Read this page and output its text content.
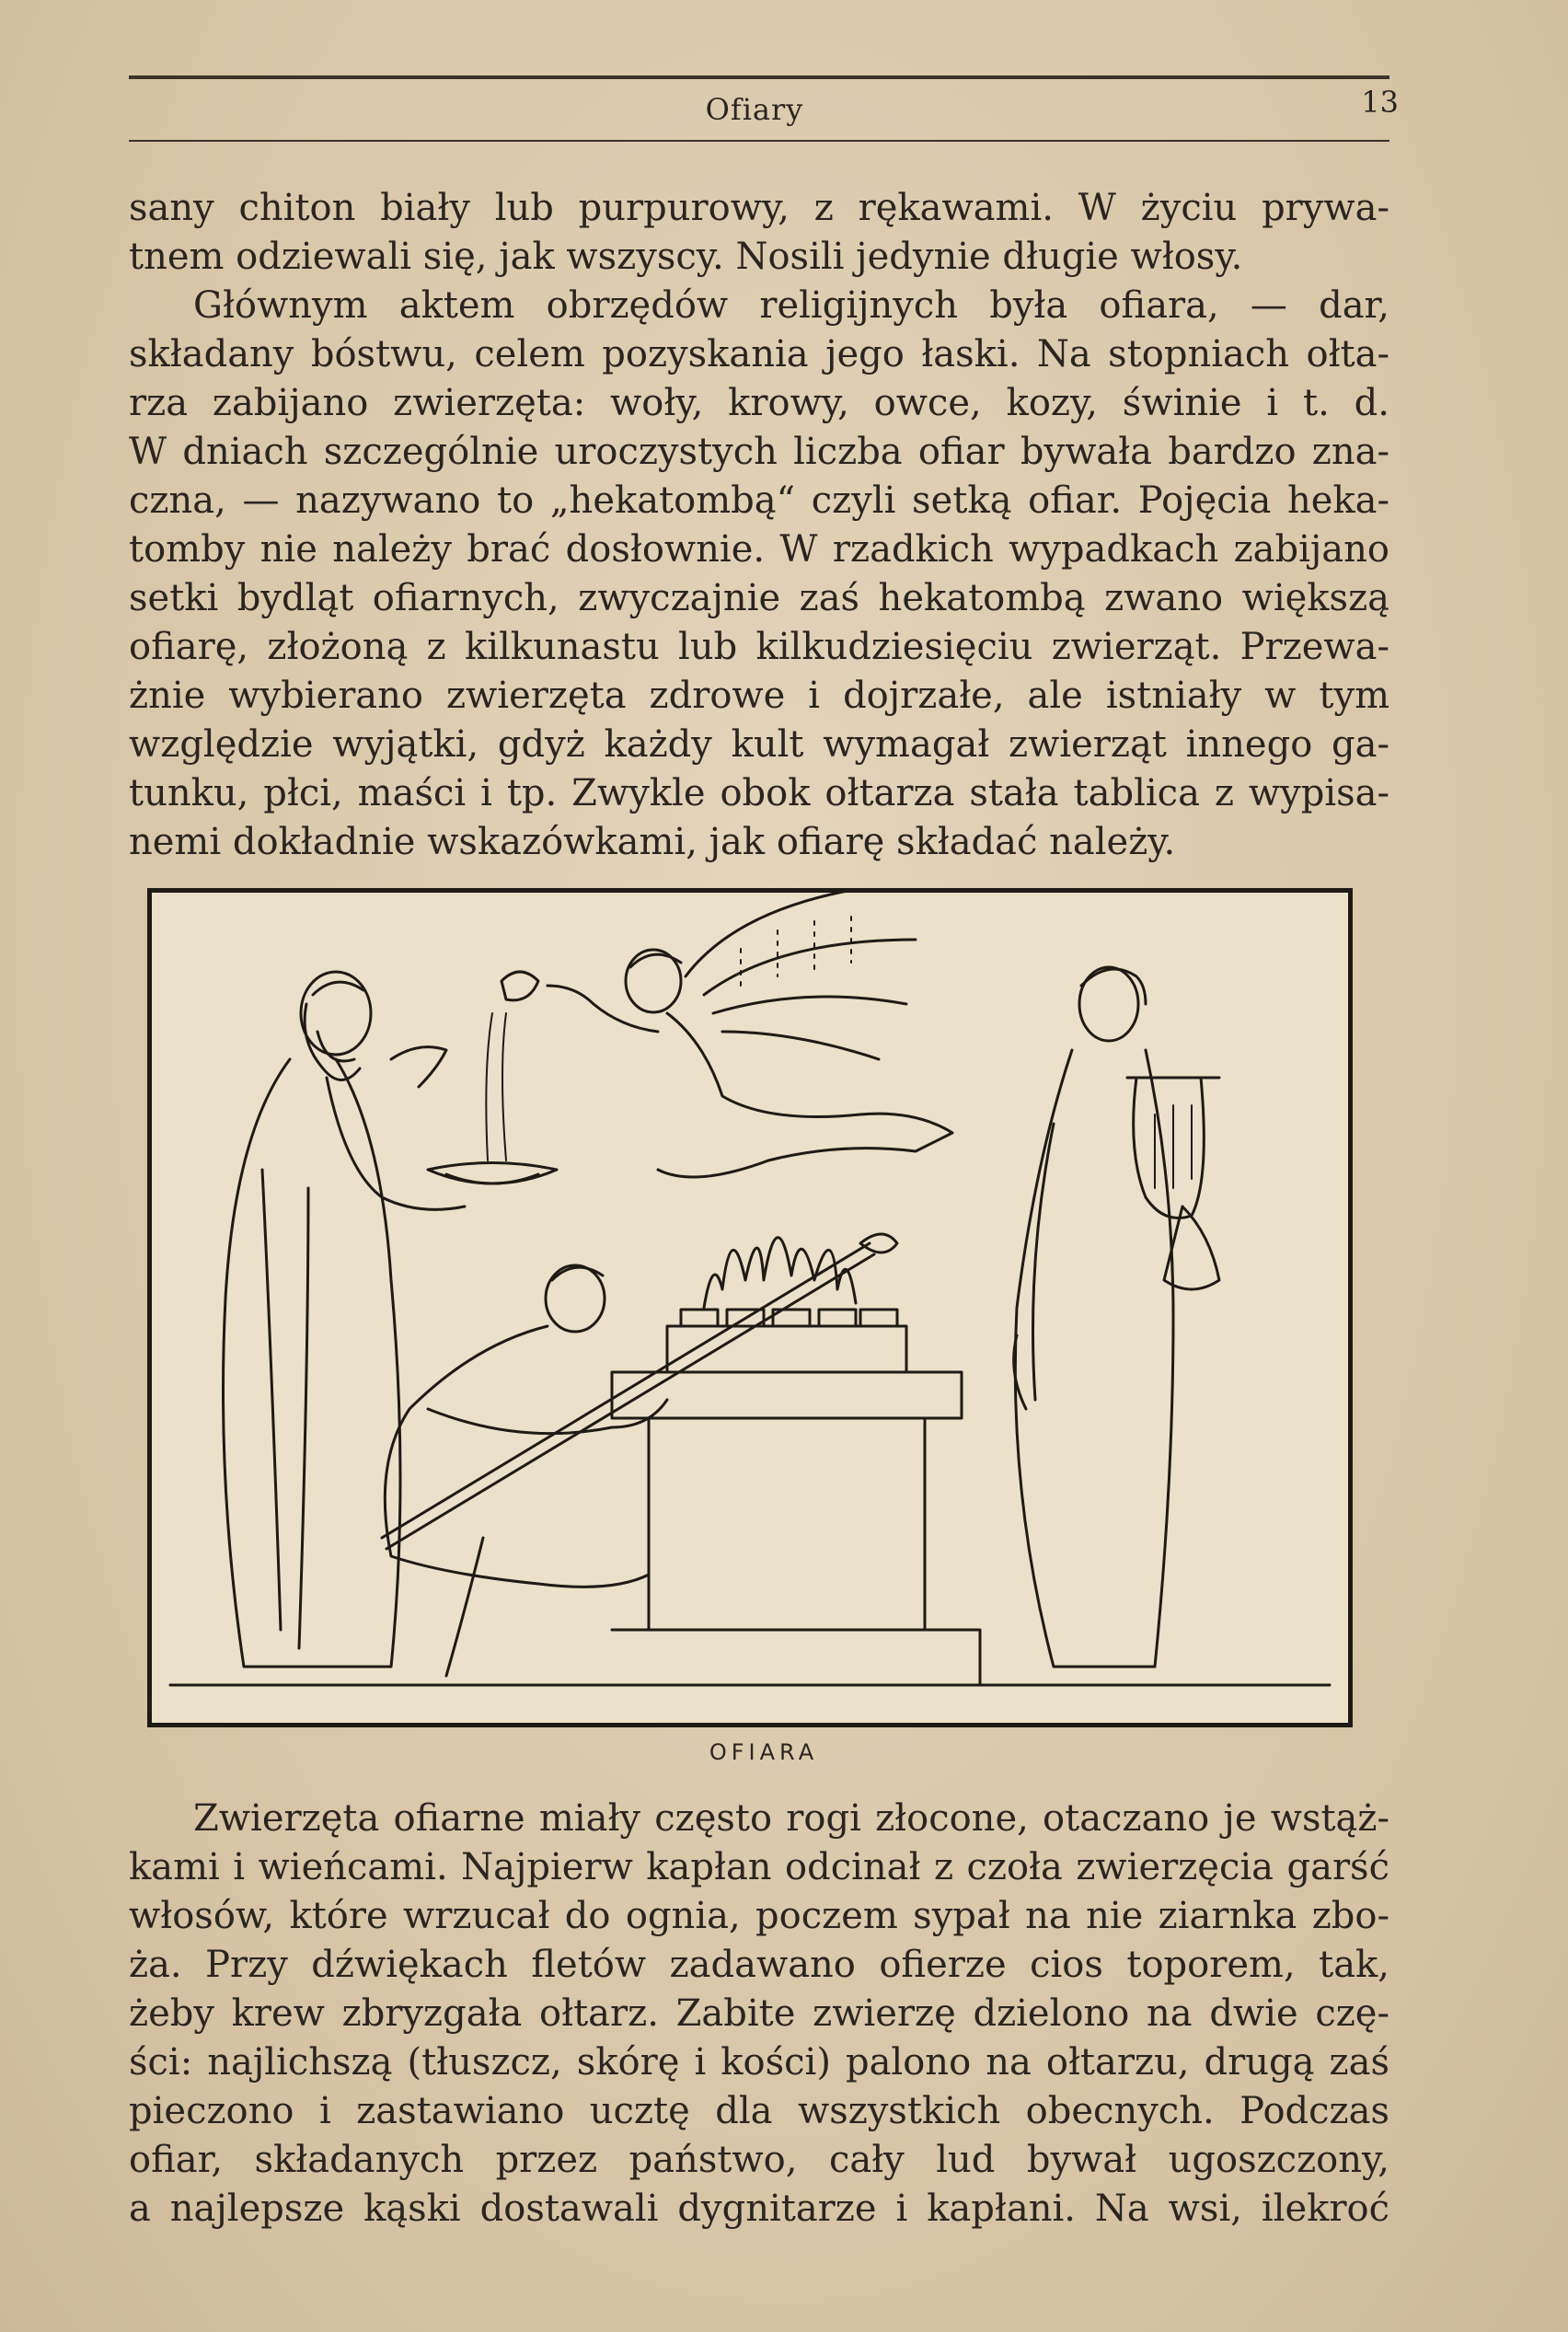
Ofiary	13
sany chiton biały lub purpurowy, z rękawami. W życiu prywa-
tnem odziewali się, jak wszyscy. Nosili jedynie długie włosy.
Głównym aktem obrzędów religijnych była ofiara, — dar,
składany bóstwu, celem pozyskania jego łaski. Na stopniach ołta-
rza zabijano zwierzęta: woły, krowy, owce, kozy, świnie i t. d.
W dniach szczególnie uroczystych liczba ofiar bywała bardzo zna-
czna, — nazywano to „hekatombą“ czyli setką ofiar. Pojęcia heka-
tomby nie należy brać dosłownie. W rzadkich wypadkach zabijano
setki bydląt ofiarnych, zwyczajnie zaś hekatombą zwano większą
ofiarę, złożoną z kilkunastu lub kilkudziesięciu zwierząt. Przewa-
żnie wybierano zwierzęta zdrowe i dojrzałe, ale istniały w tym
względzie wyjątki, gdyż każdy kult wymagał zwierząt innego ga-
tunku, płci, maści i tp. Zwykle obok ołtarza stała tablica z wypisa-
nemi dokładnie wskazówkami, jak ofiarę składać należy.
OFIARA
Zwierzęta ofiarne miały często rogi złocone, otaczano je wstąż-
kami i wieńcami. Najpierw kapłan odcinał z czoła zwierzęcia garść
włosów, które wrzucał do ognia, poczem sypał na nie ziarnka zbo-
ża. Przy dźwiękach fletów zadawano ofierze cios toporem, tak,
żeby krew zbryzgała ołtarz. Zabite zwierzę dzielono na dwie czę-
ści: najlichszą (tłuszcz, skórę i kości) palono na ołtarzu, drugą zaś
pieczono i zastawiano ucztę dla wszystkich obecnych. Podczas
ofiar, składanych przez państwo, cały lud bywał ugoszczony,
a najlepsze kąski dostawali dygnitarze i kapłani. Na wsi, ilekroć
